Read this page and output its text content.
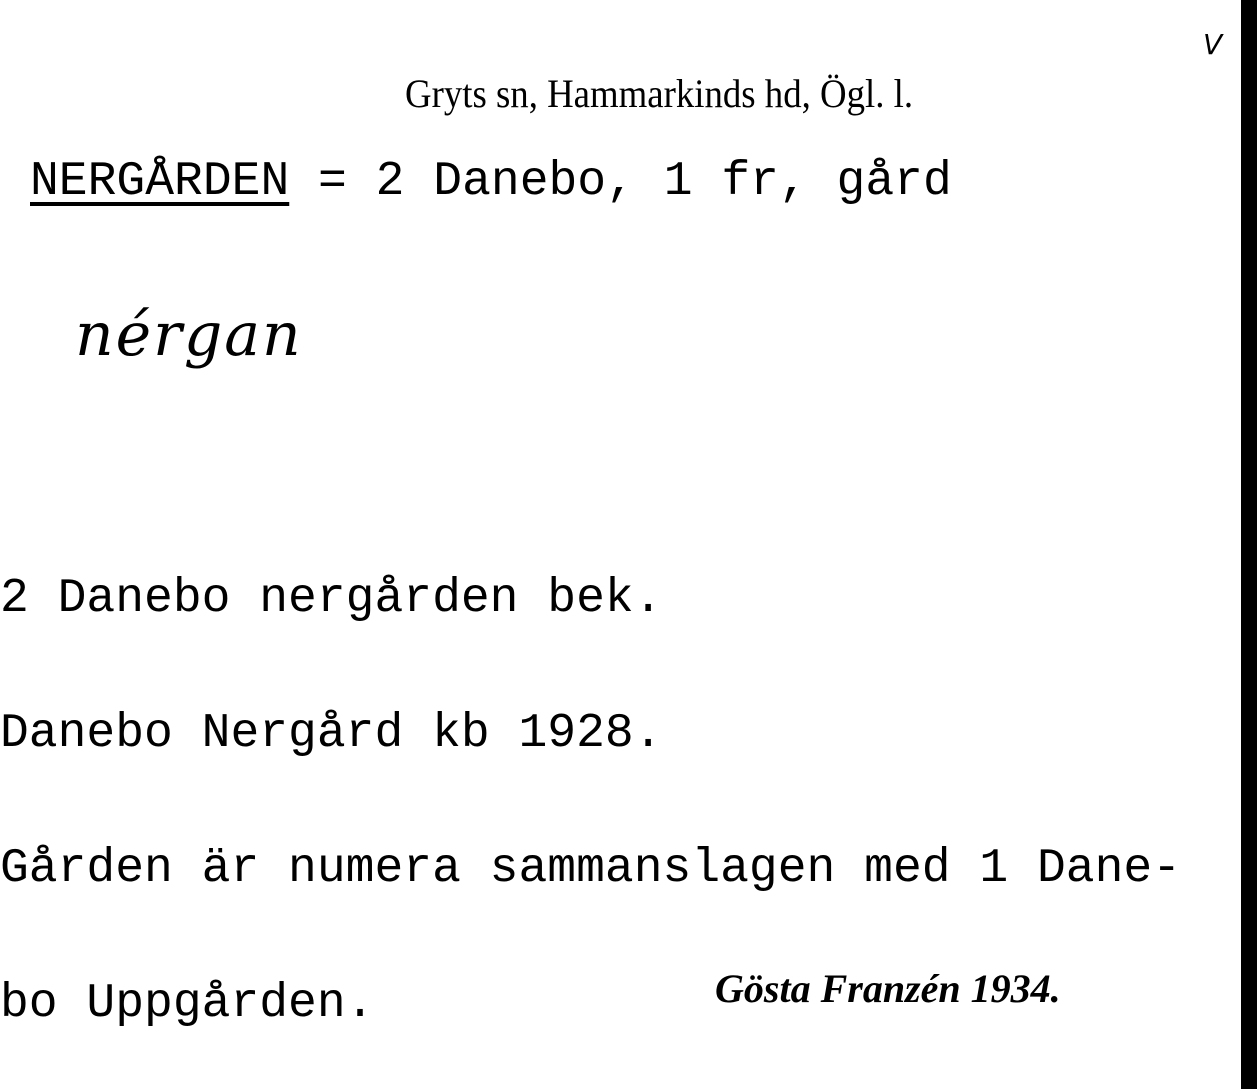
V
Gryts sn, Hammarkinds hd, Ögl. l.
NERGÅRDEN = 2 Danebo, 1 fr, gård
nérgan

2 Danebo nergården bek.

Danebo Nergård kb 1928.

Gården är numera sammanslagen med 1 Dane-

bo Uppgården.	Gösta Franzén 1934.
